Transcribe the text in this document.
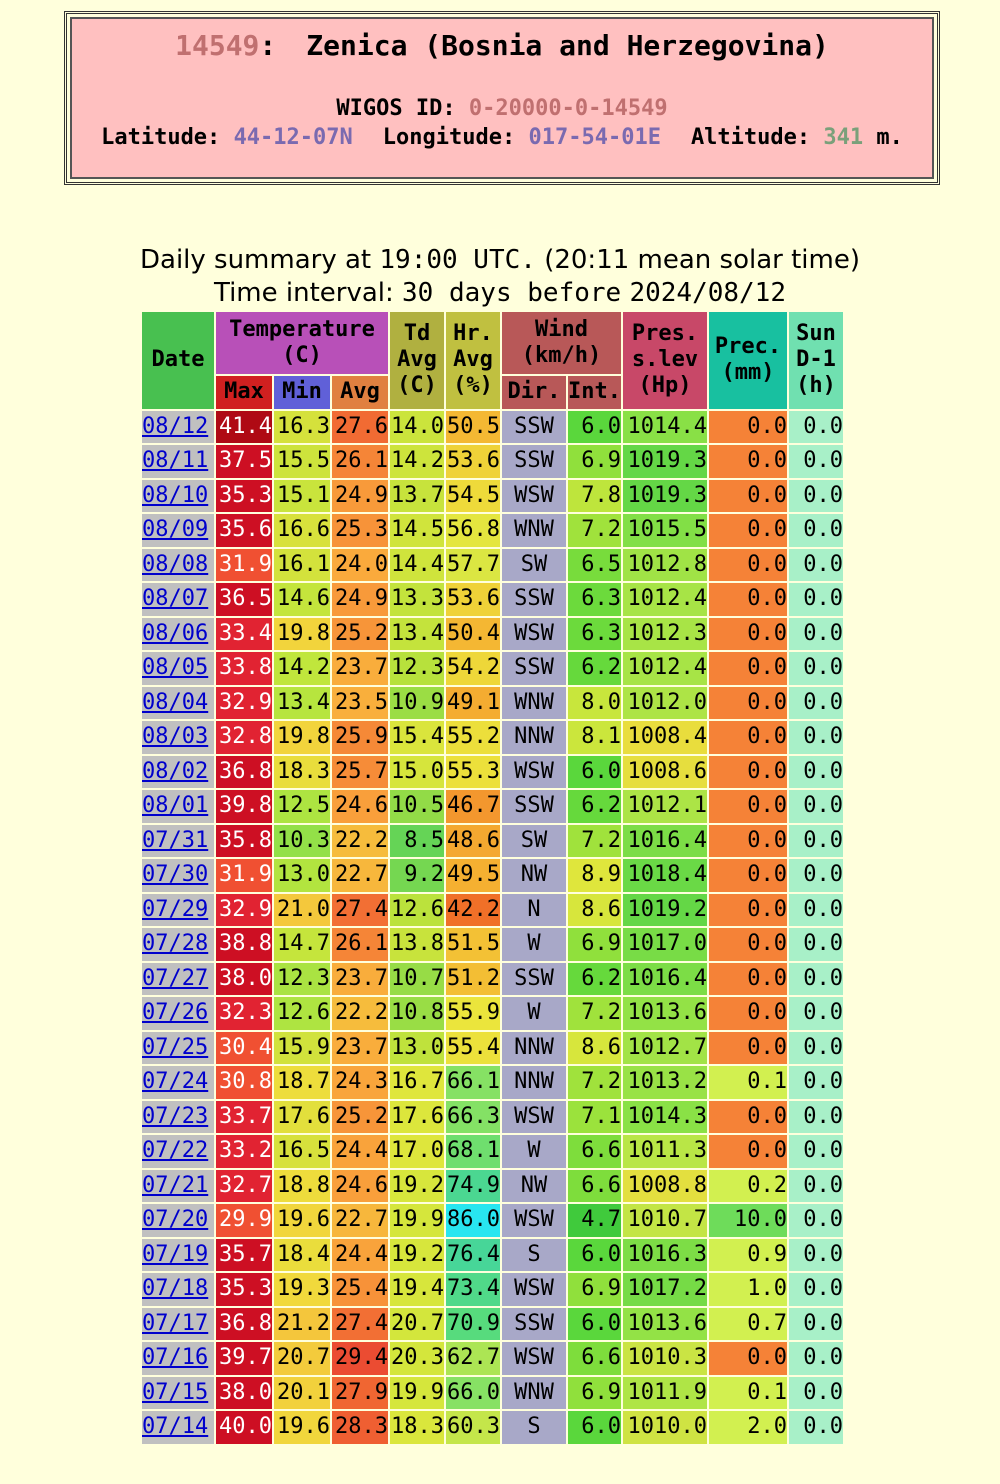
14549: Zenica (Bosnia and Herzegovina)
WIGOS ID: 0-20000-0-14549
Latitude: 44-12-07N Longitude: 017-54-01E Altitude: 341 m.
Daily summary at 19:00 UTC. (20:11 mean solar time)
Time interval: 30 days before 2024/08/12
Date	Temperature (C)			Td Avg (C)	Hr. Avg (%)	Wind (km/h)		Pres. s.lev (Hp)	Prec. (mm)	Sun D-1 (h)
	Max	Min	Avg			Dir.	Int.			
08/12	41.4	16.3	27.6	14.0	50.5	SSW	6.0	1014.4	0.0	0.0
08/11	37.5	15.5	26.1	14.2	53.6	SSW	6.9	1019.3	0.0	0.0
08/10	35.3	15.1	24.9	13.7	54.5	WSW	7.8	1019.3	0.0	0.0
08/09	35.6	16.6	25.3	14.5	56.8	WNW	7.2	1015.5	0.0	0.0
08/08	31.9	16.1	24.0	14.4	57.7	SW	6.5	1012.8	0.0	0.0
08/07	36.5	14.6	24.9	13.3	53.6	SSW	6.3	1012.4	0.0	0.0
08/06	33.4	19.8	25.2	13.4	50.4	WSW	6.3	1012.3	0.0	0.0
08/05	33.8	14.2	23.7	12.3	54.2	SSW	6.2	1012.4	0.0	0.0
08/04	32.9	13.4	23.5	10.9	49.1	WNW	8.0	1012.0	0.0	0.0
08/03	32.8	19.8	25.9	15.4	55.2	NNW	8.1	1008.4	0.0	0.0
08/02	36.8	18.3	25.7	15.0	55.3	WSW	6.0	1008.6	0.0	0.0
08/01	39.8	12.5	24.6	10.5	46.7	SSW	6.2	1012.1	0.0	0.0
07/31	35.8	10.3	22.2	8.5	48.6	SW	7.2	1016.4	0.0	0.0
07/30	31.9	13.0	22.7	9.2	49.5	NW	8.9	1018.4	0.0	0.0
07/29	32.9	21.0	27.4	12.6	42.2	N	8.6	1019.2	0.0	0.0
07/28	38.8	14.7	26.1	13.8	51.5	W	6.9	1017.0	0.0	0.0
07/27	38.0	12.3	23.7	10.7	51.2	SSW	6.2	1016.4	0.0	0.0
07/26	32.3	12.6	22.2	10.8	55.9	W	7.2	1013.6	0.0	0.0
07/25	30.4	15.9	23.7	13.0	55.4	NNW	8.6	1012.7	0.0	0.0
07/24	30.8	18.7	24.3	16.7	66.1	NNW	7.2	1013.2	0.1	0.0
07/23	33.7	17.6	25.2	17.6	66.3	WSW	7.1	1014.3	0.0	0.0
07/22	33.2	16.5	24.4	17.0	68.1	W	6.6	1011.3	0.0	0.0
07/21	32.7	18.8	24.6	19.2	74.9	NW	6.6	1008.8	0.2	0.0
07/20	29.9	19.6	22.7	19.9	86.0	WSW	4.7	1010.7	10.0	0.0
07/19	35.7	18.4	24.4	19.2	76.4	S	6.0	1016.3	0.9	0.0
07/18	35.3	19.3	25.4	19.4	73.4	WSW	6.9	1017.2	1.0	0.0
07/17	36.8	21.2	27.4	20.7	70.9	SSW	6.0	1013.6	0.7	0.0
07/16	39.7	20.7	29.4	20.3	62.7	WSW	6.6	1010.3	0.0	0.0
07/15	38.0	20.1	27.9	19.9	66.0	WNW	6.9	1011.9	0.1	0.0
07/14	40.0	19.6	28.3	18.3	60.3	S	6.0	1010.0	2.0	0.0
